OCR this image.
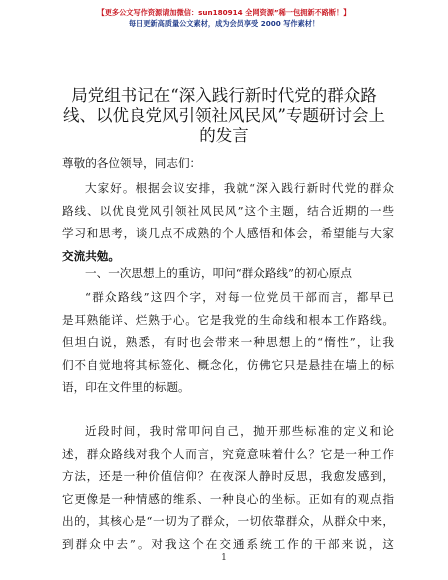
【更多公文写作资源请加微信：sun180914 全网资源”稀一包拥新不路断！】
每日更新高质量公文素材，成为会员享受 2000 写作素材！
局党组书记在“深入践行新时代党的群众路
线、以优良党风引领社风民风”专题研讨会上
的发言
尊敬的各位领导，同志们：
大家好。根据会议安排，我就“深入践行新时代党的群众
路线、以优良党风引领社风民风”这个主题，结合近期的一些
学习和思考，谈几点不成熟的个人感悟和体会，希望能与大家
交流共勉。
一、一次思想上的重访，叩问“群众路线”的初心原点
“群众路线”这四个字，对每一位党员干部而言，都早已
是耳熟能详、烂熟于心。它是我党的生命线和根本工作路线。
但坦白说，熟悉，有时也会带来一种思想上的“惰性”，让我
们不自觉地将其标签化、概念化，仿佛它只是悬挂在墙上的标
语，印在文件里的标题。
近段时间，我时常叩问自己，抛开那些标准的定义和论
述，群众路线对我个人而言，究竟意味着什么？它是一种工作
方法，还是一种价值信仰？在夜深人静时反思，我愈发感到，
它更像是一种情感的维系、一种良心的坐标。正如有的观点指
出的，其核心是“一切为了群众，一切依靠群众，从群众中来，
到群众中去”。对我这个在交通系统工作的干部来说，这
1
